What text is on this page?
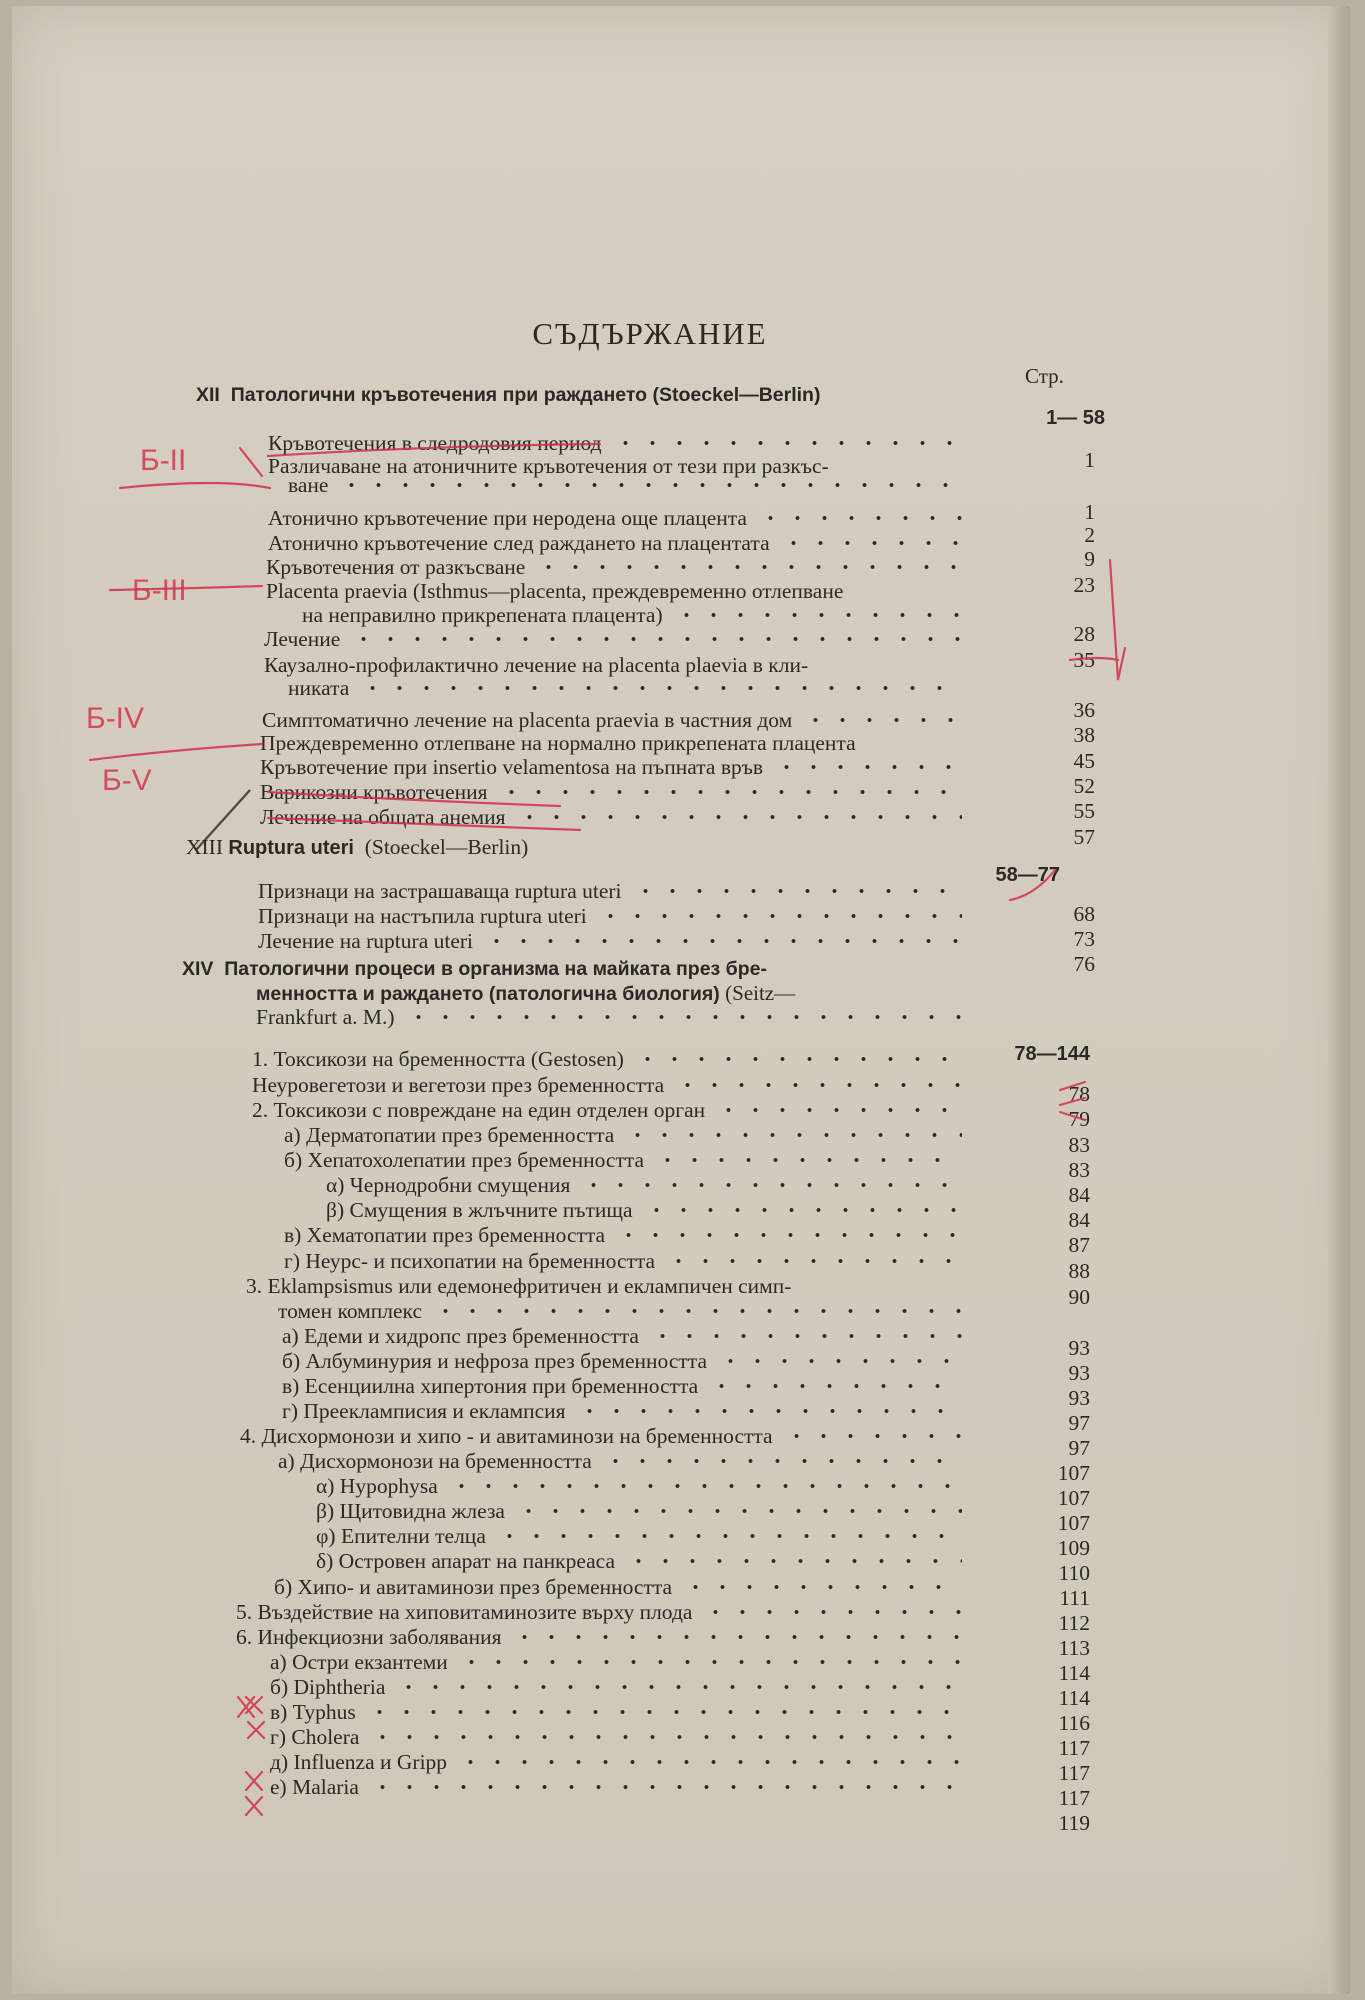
СЪДЪРЖАНИЕ
Стр.
XII Патологични кръвотечения при раждането (Stoeckel—Berlin)
1— 58
Кръвотечения в следродовия период
Различаване на атоничните кръвотечения от тези при разкъс-
ване
Атонично кръвотечение при неродена още плацента
Атонично кръвотечение след раждането на плацентата
Кръвотечения от разкъсване
Placenta praevia (Isthmus—placenta, преждевременно отлепване
на неправилно прикрепената плацента)
Лечение
Каузално-профилактично лечение на placenta plaevia в кли-
никата
Симптоматично лечение на placenta praevia в частния дом
Преждевременно отлепване на нормално прикрепената плацента
Кръвотечение при insertio velamentosa на пъпната връв
Варикозни кръвотечения
Лечение на общата анемия
1
1
2
9
23
28
35
36
38
45
52
55
57
XIII Ruptura uteri (Stoeckel—Berlin)
58—77
Признаци на застрашаваща ruptura uteri
Признаци на настъпила ruptura uteri
Лечение на ruptura uteri
68
73
76
XIV Патологични процеси в организма на майката през бре-
менността и раждането (патологична биология) (Seitz—
Frankfurt a. M.)
78—144
1. Токсикози на бременността (Gestosen)
Неуровегетози и вегетози през бременността
2. Токсикози с повреждане на един отделен орган
а) Дерматопатии през бременността
б) Хепатохолепатии през бременността
α) Чернодробни смущения
β) Смущения в жлъчните пътища
в) Хематопатии през бременността
г) Неурс- и психопатии на бременността
3. Eklampsismus или едемонефритичен и еклампичен симп-
томен комплекс
а) Едеми и хидропс през бременността
б) Албуминурия и нефроза през бременността
в) Есенциилна хипертония при бременността
г) Преекламписия и еклампсия
4. Дисхормонози и хипо - и авитаминози на бременността
а) Дисхормонози на бременността
α) Hypophysa
β) Щитовидна жлеза
φ) Епителни телца
δ) Островен апарат на панкреаса
б) Хипо- и авитаминози през бременността
5. Въздействие на хиповитаминозите върху плода
6. Инфекциозни заболявания
а) Остри екзантеми
б) Diphtheria
в) Typhus
г) Cholera
д) Influenza и Gripp
е) Malaria
78
79
83
83
84
84
87
88
90
93
93
93
97
97
107
107
107
109
110
111
112
113
114
114
116
117
117
117
119
Б-II
Б-III
Б-IV
Б-V
